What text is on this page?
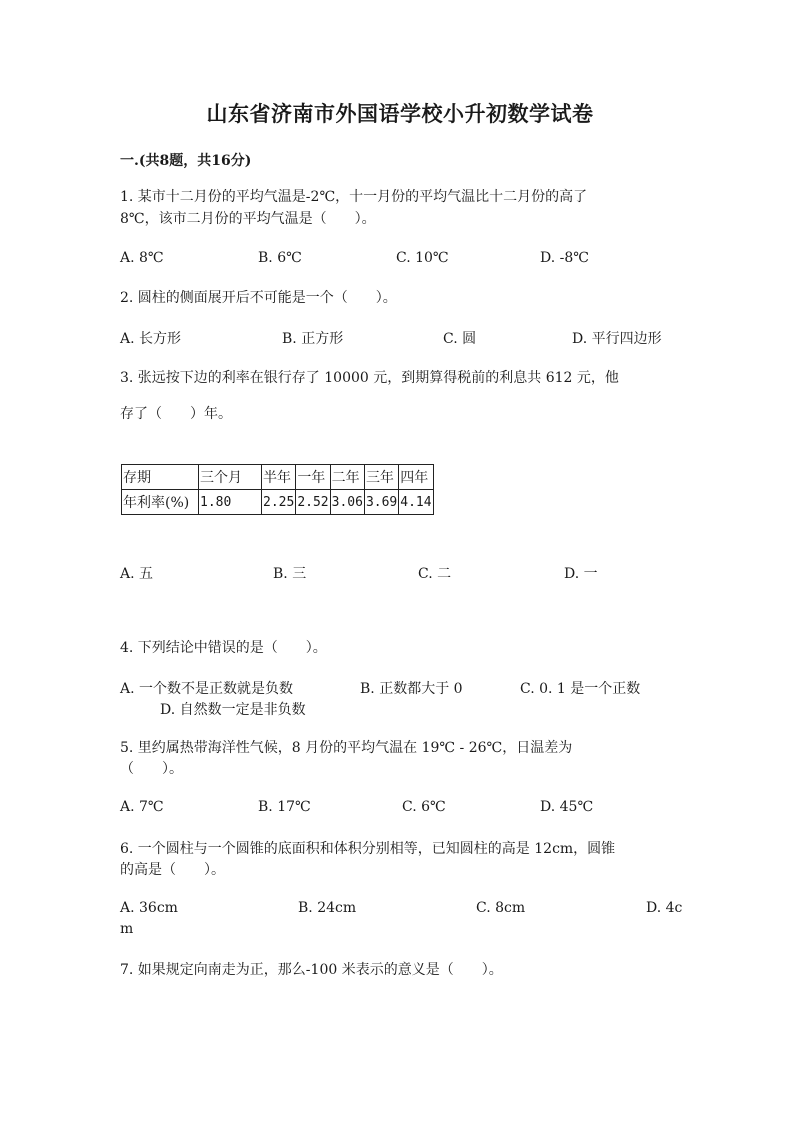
山东省济南市外国语学校小升初数学试卷
一.(共8题，共16分)
1. 某市十二月份的平均气温是-2℃，十一月份的平均气温比十二月份的高了
8℃，该市二月份的平均气温是（　　）。
A. 8℃	B. 6℃	C. 10℃	D. -8℃
2. 圆柱的侧面展开后不可能是一个（　　）。
A. 长方形	B. 正方形	C. 圆	D. 平行四边形
3. 张远按下边的利率在银行存了 10000 元，到期算得税前的利息共 612 元，他
存了（　　）年。
存期	三个月	半年	一年	二年	三年	四年
年利率(%)	1.80	2.25	2.52	3.06	3.69	4.14
A. 五	B. 三	C. 二	D. 一
4. 下列结论中错误的是（　　）。
A. 一个数不是正数就是负数	B. 正数都大于 0	C. 0. 1 是一个正数
D. 自然数一定是非负数
5. 里约属热带海洋性气候，8 月份的平均气温在 19℃ - 26℃，日温差为
（　　）。
A. 7℃	B. 17℃	C. 6℃	D. 45℃
6. 一个圆柱与一个圆锥的底面积和体积分别相等，已知圆柱的高是 12cm，圆锥
的高是（　　）。
A. 36cm	B. 24cm	C. 8cm	D. 4c
m
7. 如果规定向南走为正，那么-100 米表示的意义是（　　）。
